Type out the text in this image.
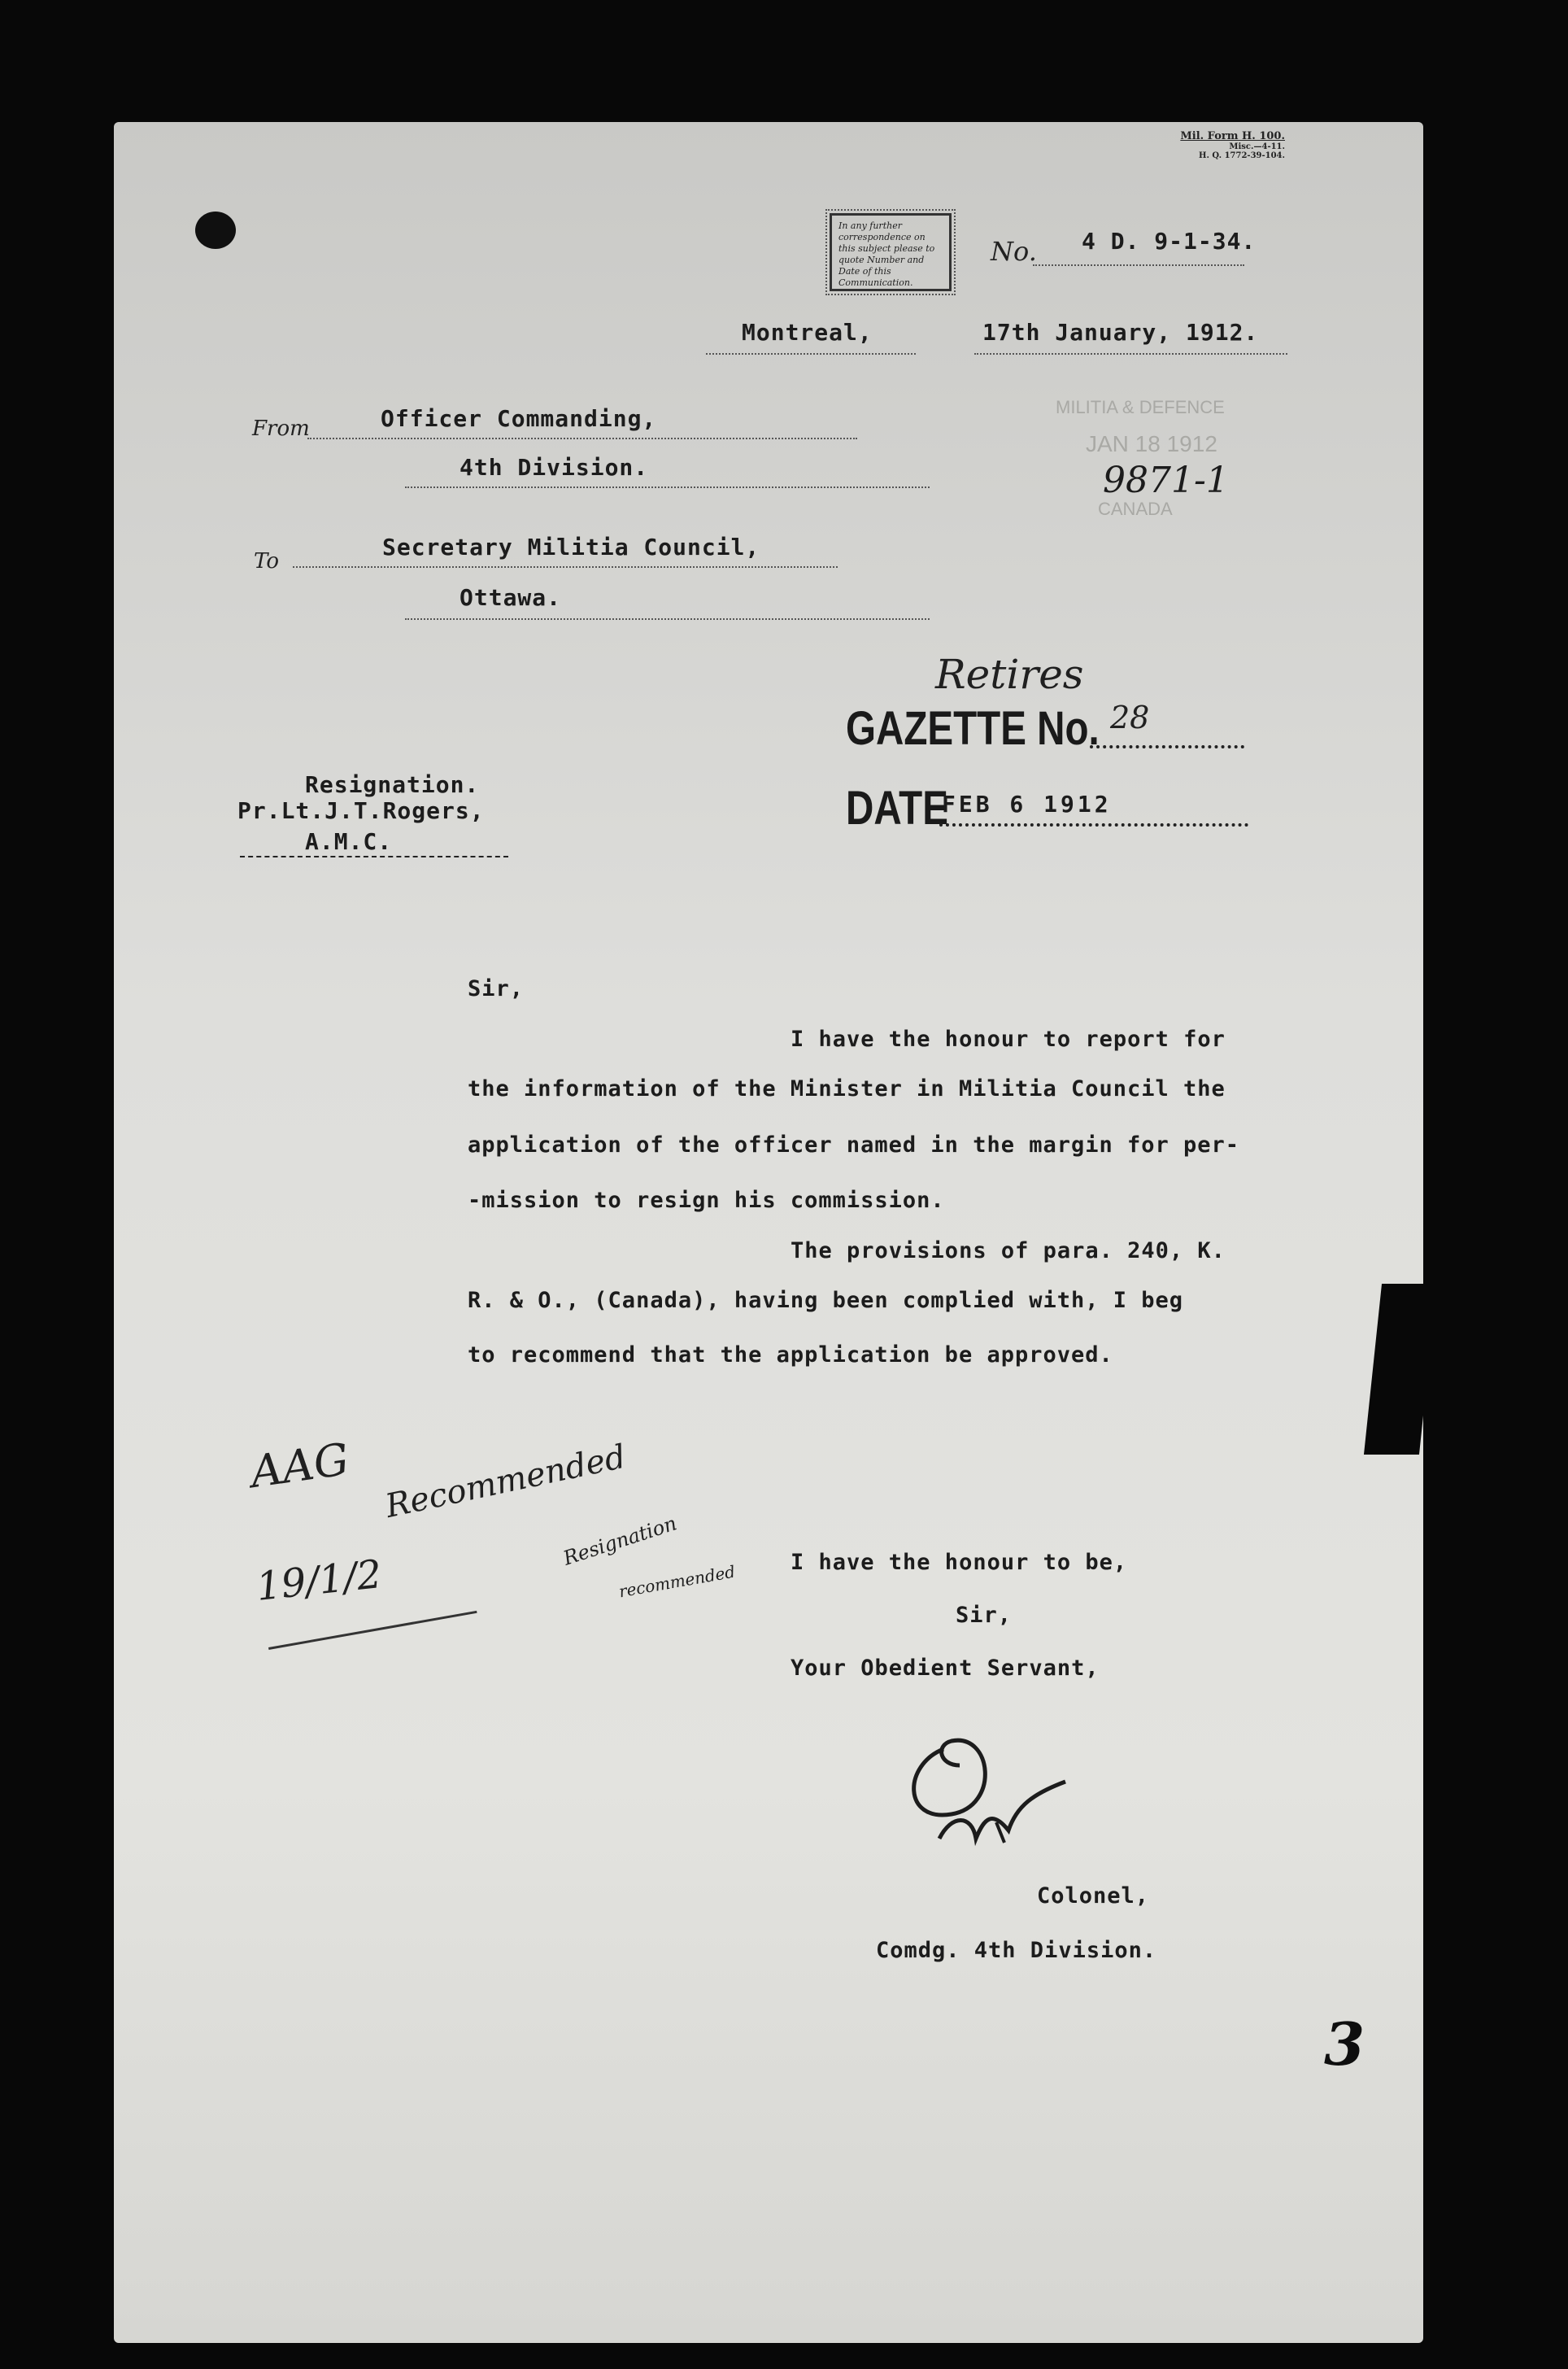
Mil. Form H. 100.
Misc.—4-11.
H. Q. 1772-39-104.
In any further correspondence on this subject please to quote Number and Date of this Communication.
No. 4 D. 9-1-34.
Montreal,	17th January, 1912.
From	Officer Commanding,
4th Division.
MILITIA & DEFENCE
JAN 18 1912
9871-1
CANADA
To
Secretary Militia Council,
Ottawa.
Retires
GAZETTE No. 28
DATE
FEB 6 1912
Resignation.
Pr.Lt.J.T.Rogers,
A.M.C.
Sir,
I have the honour to report for
the information of the Minister in Militia Council the
application of the officer named in the margin for per-
-mission to resign his commission.
The provisions of para. 240, K.
R. & O., (Canada), having been complied with, I beg
to recommend that the application be approved.
AAG Recommended
19/1/2
Resignation
recommended I have the honour to be,
Sir,
Your Obedient Servant,
Colonel,
Comdg. 4th Division.
3
